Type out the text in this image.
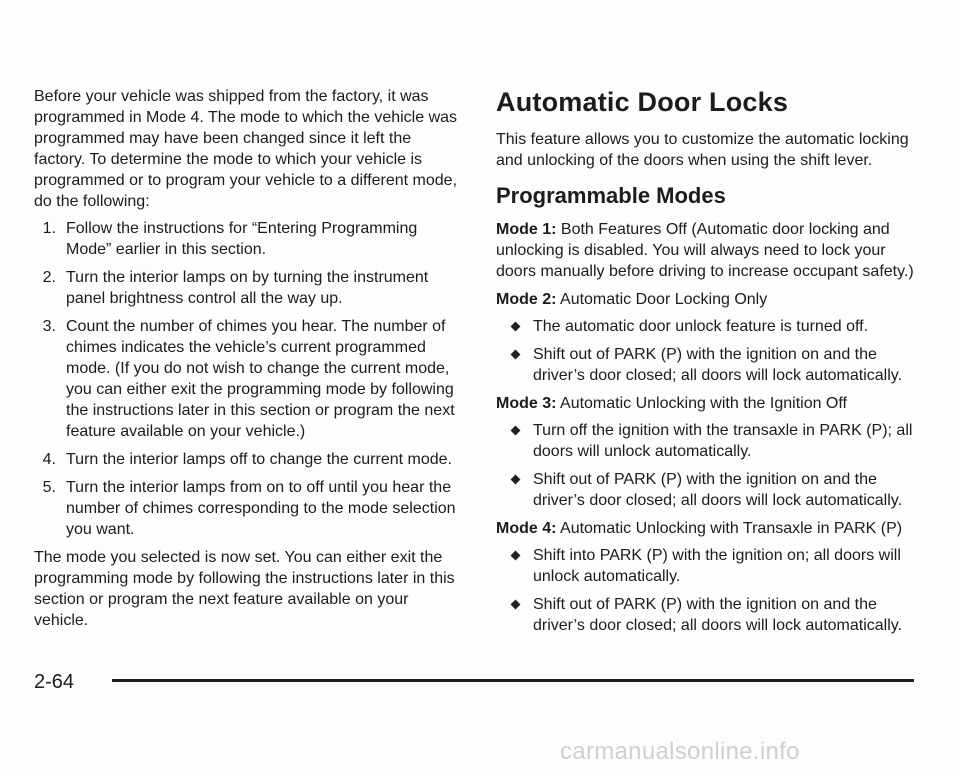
Before your vehicle was shipped from the factory, it was programmed in Mode 4. The mode to which the vehicle was programmed may have been changed since it left the factory. To determine the mode to which your vehicle is programmed or to program your vehicle to a different mode, do the following:

1. Follow the instructions for “Entering Programming Mode” earlier in this section.
2. Turn the interior lamps on by turning the instrument panel brightness control all the way up.
3. Count the number of chimes you hear. The number of chimes indicates the vehicle’s current programmed mode. (If you do not wish to change the current mode, you can either exit the programming mode by following the instructions later in this section or program the next feature available on your vehicle.)
4. Turn the interior lamps off to change the current mode.
5. Turn the interior lamps from on to off until you hear the number of chimes corresponding to the mode selection you want.

The mode you selected is now set. You can either exit the programming mode by following the instructions later in this section or program the next feature available on your vehicle.

Automatic Door Locks

This feature allows you to customize the automatic locking and unlocking of the doors when using the shift lever.

Programmable Modes

Mode 1: Both Features Off (Automatic door locking and unlocking is disabled. You will always need to lock your doors manually before driving to increase occupant safety.)

Mode 2: Automatic Door Locking Only

The automatic door unlock feature is turned off.
Shift out of PARK (P) with the ignition on and the driver’s door closed; all doors will lock automatically.

Mode 3: Automatic Unlocking with the Ignition Off

Turn off the ignition with the transaxle in PARK (P); all doors will unlock automatically.
Shift out of PARK (P) with the ignition on and the driver’s door closed; all doors will lock automatically.

Mode 4: Automatic Unlocking with Transaxle in PARK (P)

Shift into PARK (P) with the ignition on; all doors will unlock automatically.
Shift out of PARK (P) with the ignition on and the driver’s door closed; all doors will lock automatically.
2-64
carmanualsonline.info
